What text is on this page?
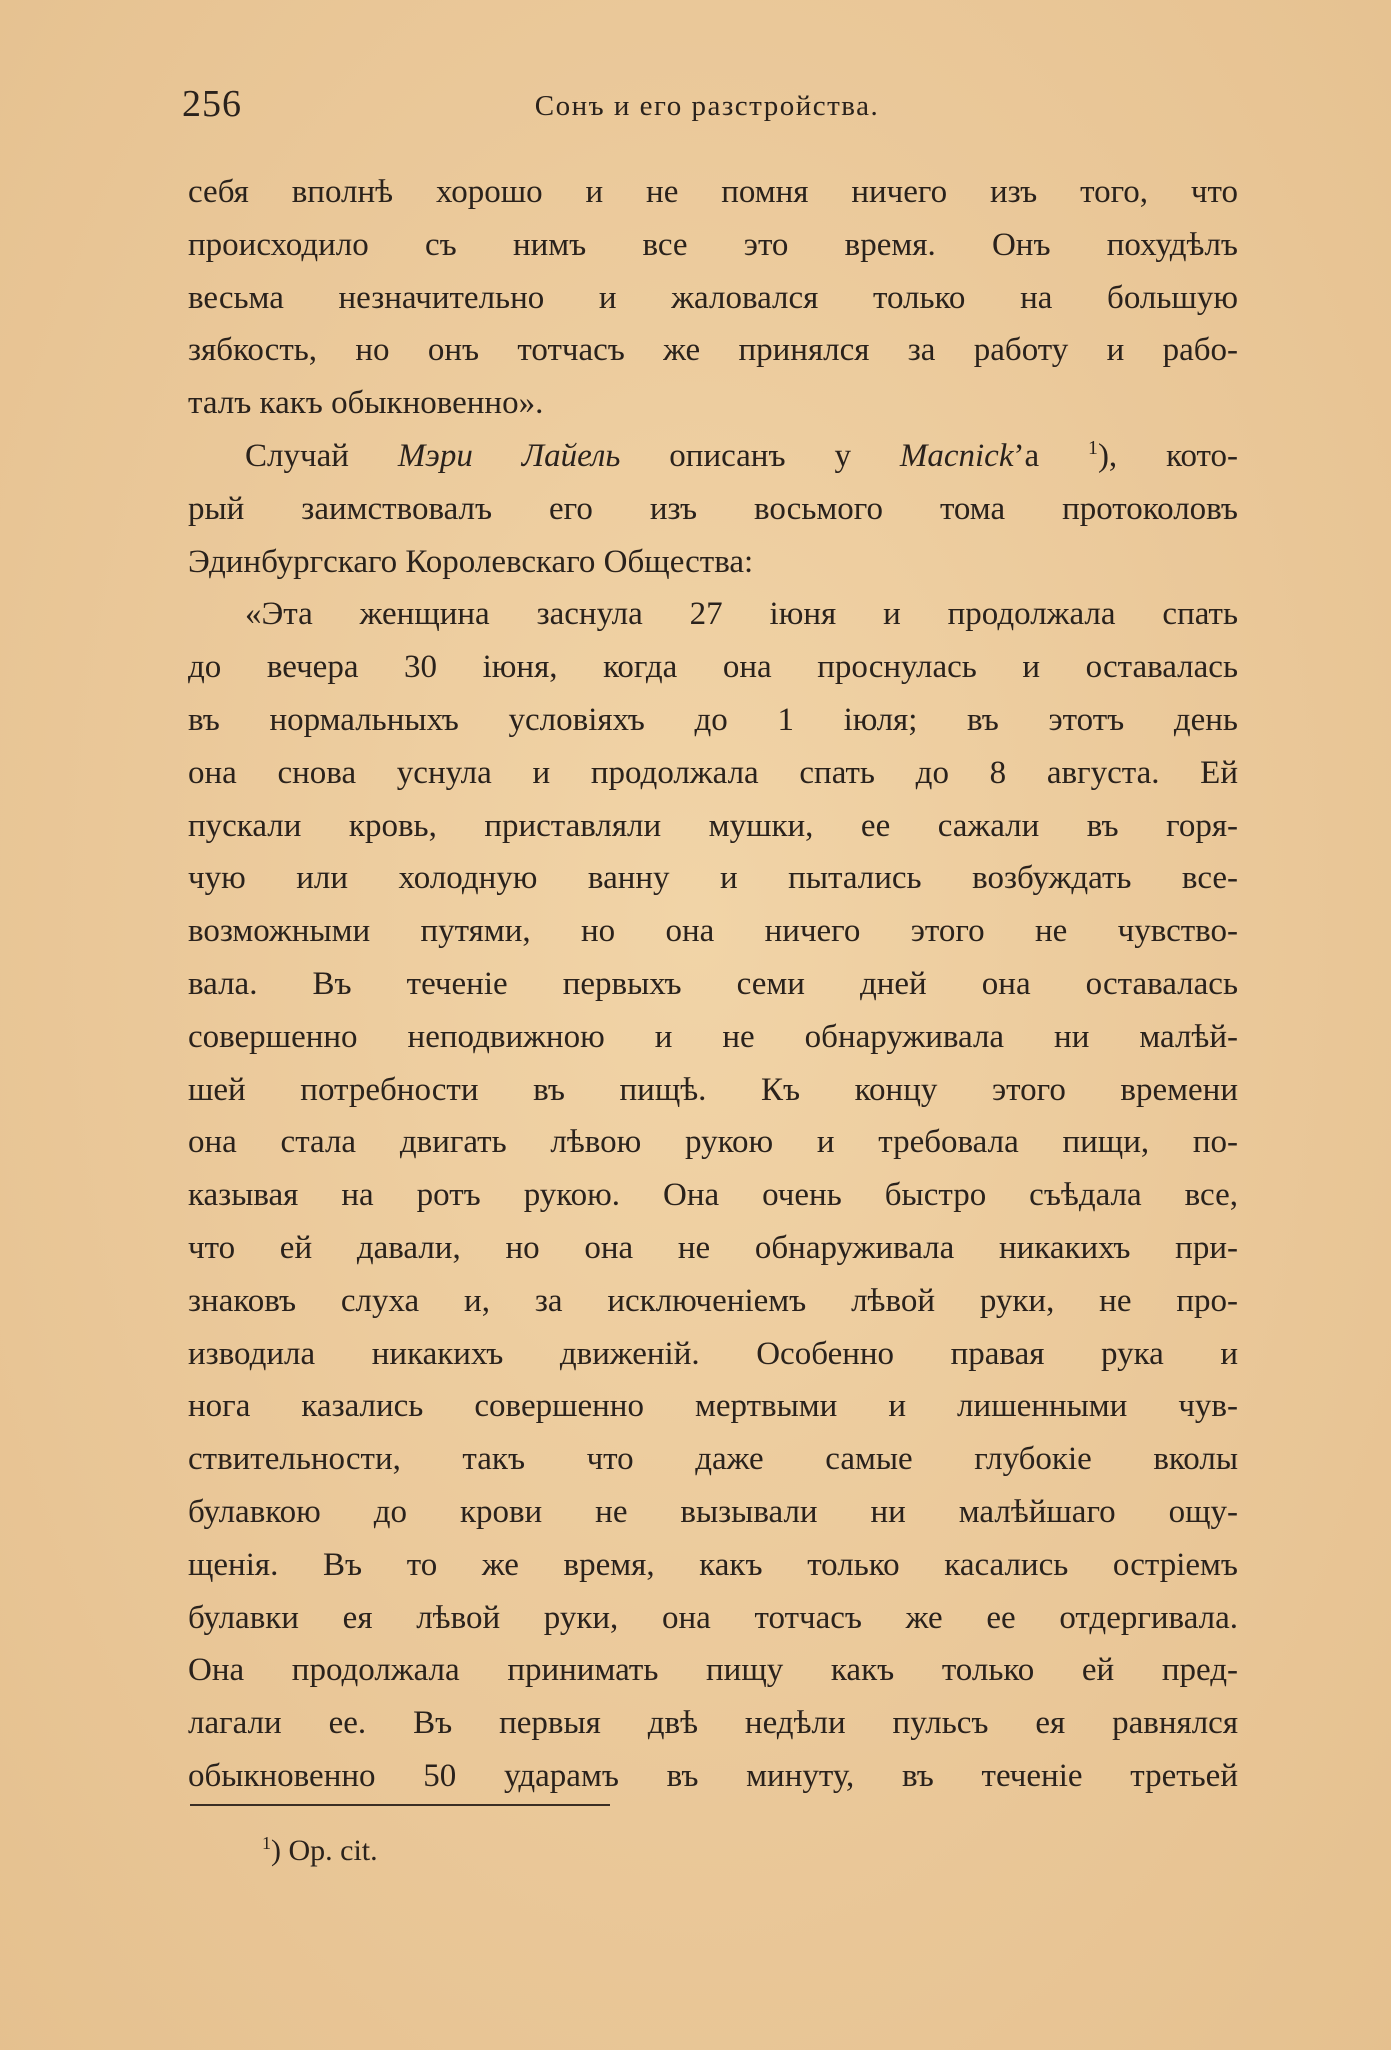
256	Сонъ и его разстройства.
себя вполнѣ хорошо и не помня ничего изъ того, что
происходило съ нимъ все это время. Онъ похудѣлъ
весьма незначительно и жаловался только на большую
зябкость, но онъ тотчасъ же принялся за работу и рабо-
талъ какъ обыкновенно».
Случай Мэри Лайель описанъ у Macnick’а $^1$), кото-
рый заимствовалъ его изъ восьмого тома протоколовъ
Эдинбургскаго Королевскаго Общества:
«Эта женщина заснула 27 іюня и продолжала спать
до вечера 30 іюня, когда она проснулась и оставалась
въ нормальныхъ условіяхъ до 1 іюля; въ этотъ день
она снова уснула и продолжала спать до 8 августа. Ей
пускали кровь, приставляли мушки, ее сажали въ горя-
чую или холодную ванну и пытались возбуждать все-
возможными путями, но она ничего этого не чувство-
вала. Въ теченіе первыхъ семи дней она оставалась
совершенно неподвижною и не обнаруживала ни малѣй-
шей потребности въ пищѣ. Къ концу этого времени
она стала двигать лѣвою рукою и требовала пищи, по-
казывая на ротъ рукою. Она очень быстро съѣдала все,
что ей давали, но она не обнаруживала никакихъ при-
знаковъ слуха и, за исключеніемъ лѣвой руки, не про-
изводила никакихъ движеній. Особенно правая рука и
нога казались совершенно мертвыми и лишенными чув-
ствительности, такъ что даже самые глубокіе вколы
булавкою до крови не вызывали ни малѣйшаго ощу-
щенія. Въ то же время, какъ только касались остріемъ
булавки ея лѣвой руки, она тотчасъ же ее отдергивала.
Она продолжала принимать пищу какъ только ей пред-
лагали ее. Въ первыя двѣ недѣли пульсъ ея равнялся
обыкновенно 50 ударамъ въ минуту, въ теченіе третьей
$^1$) Op. cit.
